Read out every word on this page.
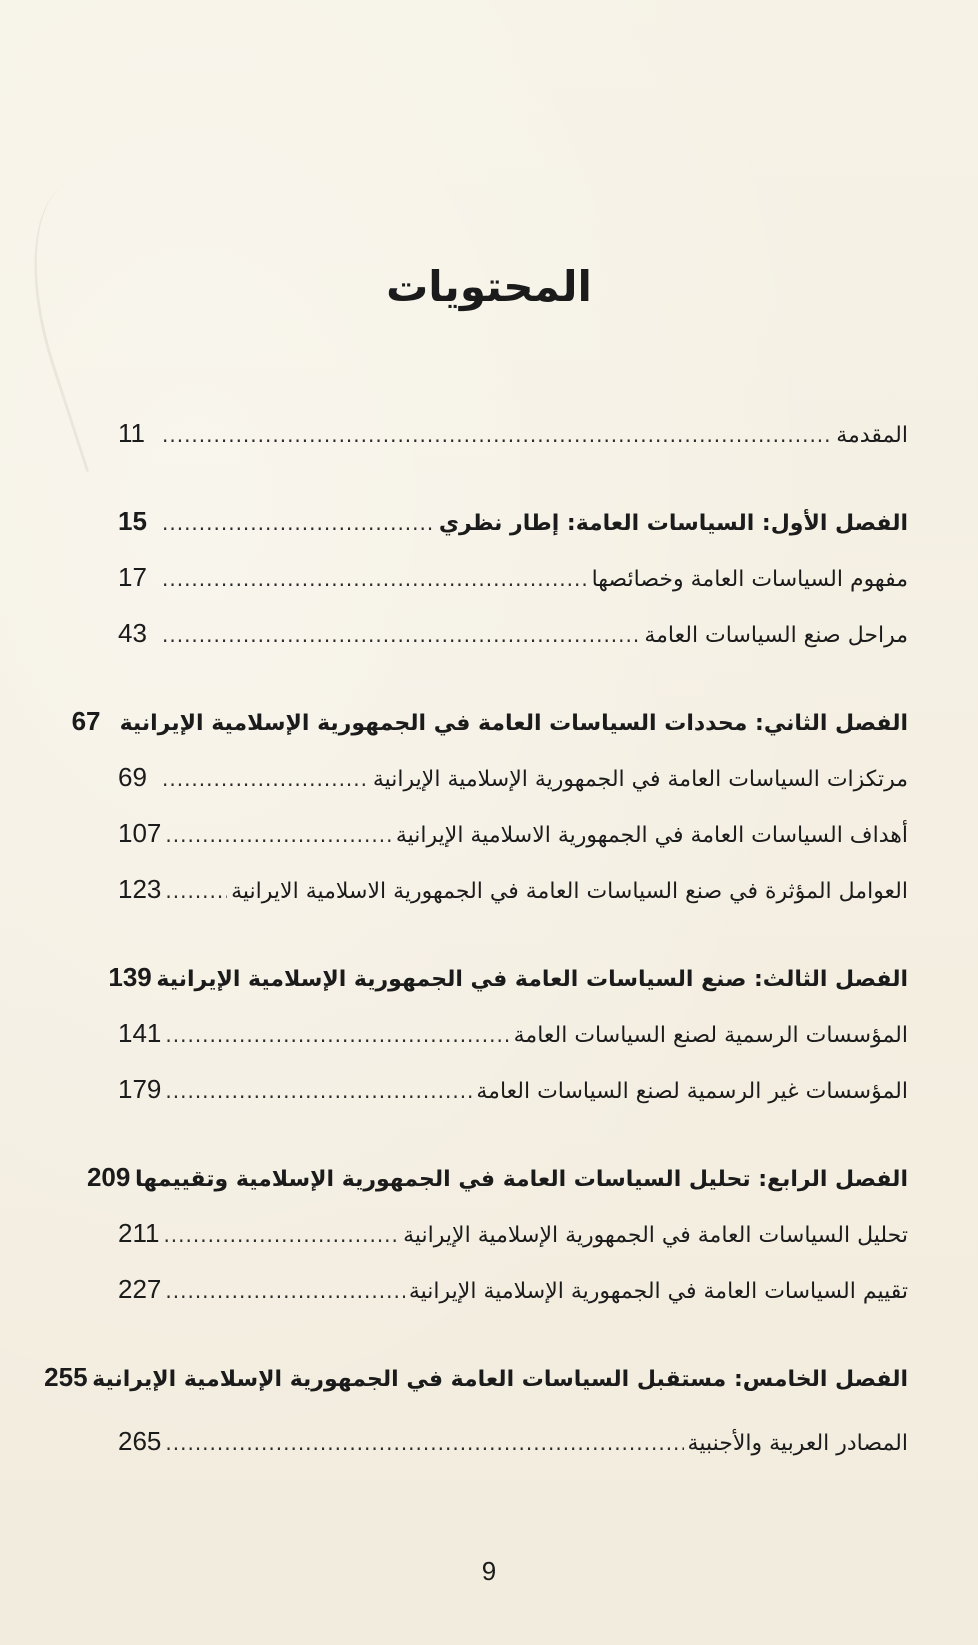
المحتويات
المقدمة
.....
11
الفصل الأول: السياسات العامة: إطار نظري
.....
15
مفهوم السياسات العامة وخصائصها
.....
17
مراحل صنع السياسات العامة
.....
43
الفصل الثاني: محددات السياسات العامة في الجمهورية الإسلامية الإيرانية
67
مرتكزات السياسات العامة في الجمهورية الإسلامية الإيرانية
.....
69
أهداف السياسات العامة في الجمهورية الاسلامية الإيرانية
.....
107
العوامل المؤثرة في صنع السياسات العامة في الجمهورية الاسلامية الايرانية
.....
123
الفصل الثالث: صنع السياسات العامة في الجمهورية الإسلامية الإيرانية
139
المؤسسات الرسمية لصنع السياسات العامة
.....
141
المؤسسات غير الرسمية لصنع السياسات العامة
.....
179
الفصل الرابع: تحليل السياسات العامة في الجمهورية الإسلامية وتقييمها
209
تحليل السياسات العامة في الجمهورية الإسلامية الإيرانية
.....
211
تقييم السياسات العامة في الجمهورية الإسلامية الإيرانية
.....
227
الفصل الخامس: مستقبل السياسات العامة في الجمهورية الإسلامية الإيرانية
255
المصادر العربية والأجنبية
.....
265
9
